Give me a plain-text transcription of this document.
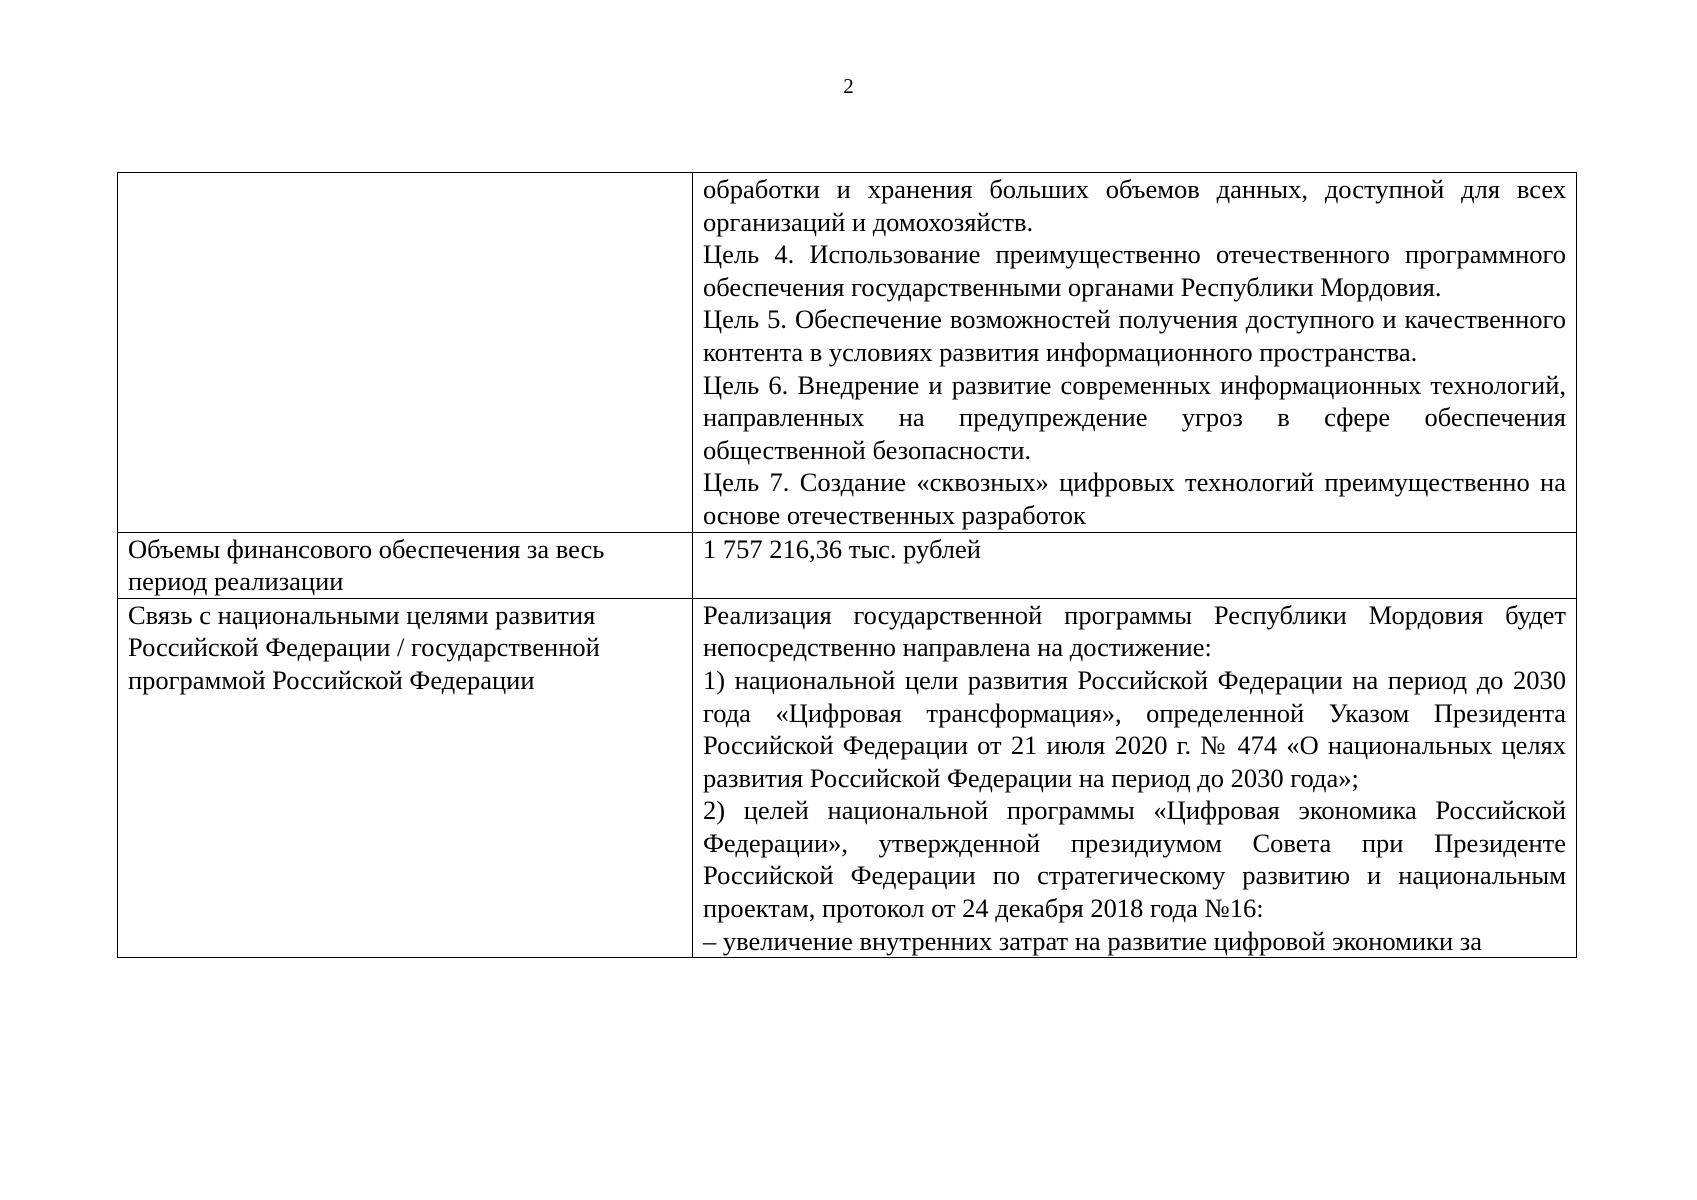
2

	обработки и хранения больших объемов данных, доступной для всех организаций и домохозяйств.
Цель 4. Использование преимущественно отечественного программного обеспечения государственными органами Республики Мордовия.
Цель 5. Обеспечение возможностей получения доступного и качественного контента в условиях развития информационного пространства.
Цель 6. Внедрение и развитие современных информационных технологий, направленных на предупреждение угроз в сфере обеспечения общественной безопасности.
Цель 7. Создание «сквозных» цифровых технологий преимущественно на основе отечественных разработок

Объемы финансового обеспечения за весь период реализации	1 757 216,36 тыс. рублей

Связь с национальными целями развития Российской Федерации / государственной программой Российской Федерации	Реализация государственной программы Республики Мордовия будет непосредственно направлена на достижение:
1) национальной цели развития Российской Федерации на период до 2030 года «Цифровая трансформация», определенной Указом Президента Российской Федерации от 21 июля 2020 г. № 474 «О национальных целях развития Российской Федерации на период до 2030 года»;
2) целей национальной программы «Цифровая экономика Российской Федерации», утвержденной президиумом Совета при Президенте Российской Федерации по стратегическому развитию и национальным проектам, протокол от 24 декабря 2018 года №16:
– увеличение внутренних затрат на развитие цифровой экономики за
